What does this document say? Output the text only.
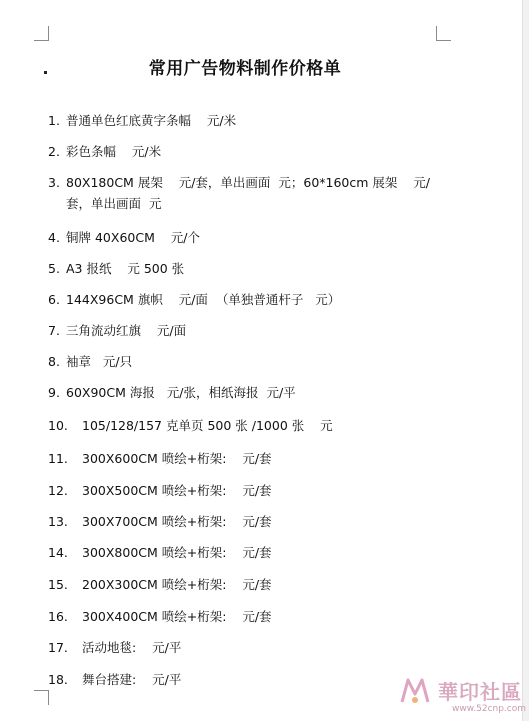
常用广告物料制作价格单
1. 普通单色红底黄字条幅    元/米
2. 彩色条幅    元/米
3. 80X180CM 展架    元/套，单出画面  元；60*160cm 展架    元/
套，单出画面  元
4. 铜牌 40X60CM    元/个
5. A3 报纸    元 500 张
6. 144X96CM 旗帜    元/面  （单独普通杆子   元）
7. 三角流动红旗    元/面
8. 袖章   元/只
9. 60X90CM 海报   元/张，相纸海报  元/平
10.	105/128/157 克单页 500 张 /1000 张    元
11.	300X600CM 喷绘+桁架:    元/套
12.	300X500CM 喷绘+桁架:    元/套
13.	300X700CM 喷绘+桁架:    元/套
14.	300X800CM 喷绘+桁架:    元/套
15.	200X300CM 喷绘+桁架:    元/套
16.	300X400CM 喷绘+桁架:    元/套
17.	活动地毯:    元/平
18.	舞台搭建:    元/平
華印社區
www.52cnp.com
